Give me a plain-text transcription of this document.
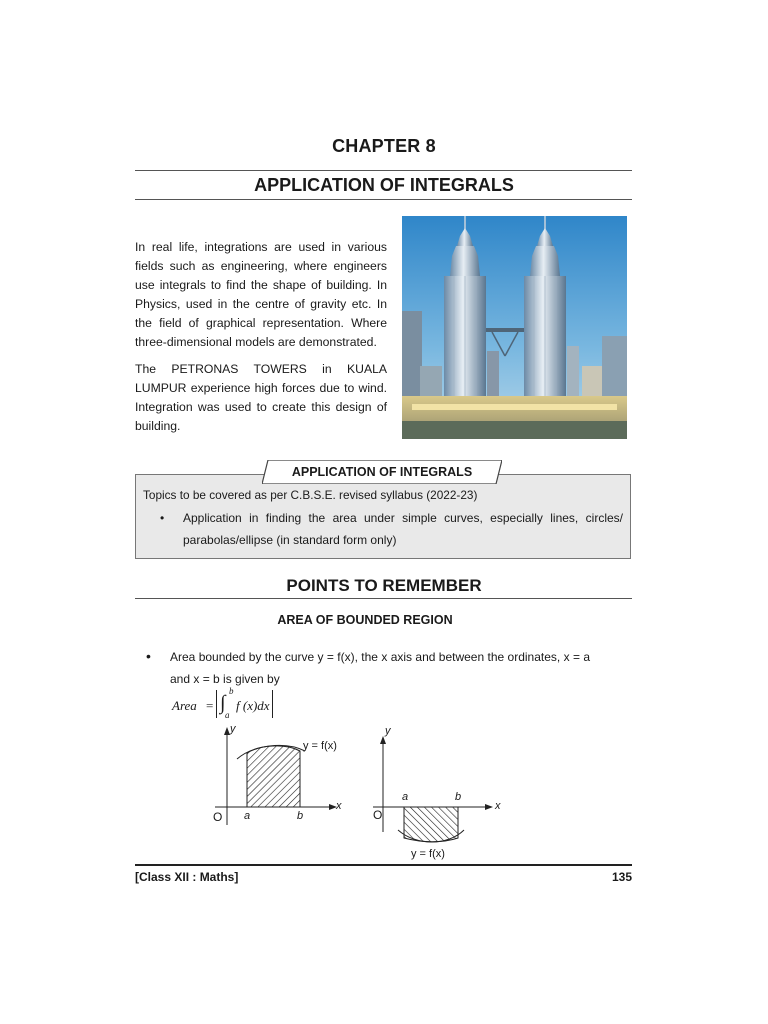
CHAPTER 8
APPLICATION OF INTEGRALS

In real life, integrations are used in various fields such as engineering, where engineers use integrals to find the shape of building. In Physics, used in the centre of gravity etc. In the field of graphical representation. Where three-dimensional models are demonstrated.

The PETRONAS TOWERS in KUALA LUMPUR experience high forces due to wind. Integration was used to create this design of building.

APPLICATION OF INTEGRALS
Topics to be covered as per C.B.S.E. revised syllabus (2022-23)
• Application in finding the area under simple curves, especially lines, circles/ parabolas/ellipse (in standard form only)
POINTS TO REMEMBER
AREA OF BOUNDED REGION
• Area bounded by the curve y = f(x), the x axis and between the ordinates, x = a and x = b is given by
Area = ∫
b
a
f (x)dx
y
y = f(x)
x
O a	b
y
a	b
x
O
y = f(x)
[Class XII : Maths]	135
